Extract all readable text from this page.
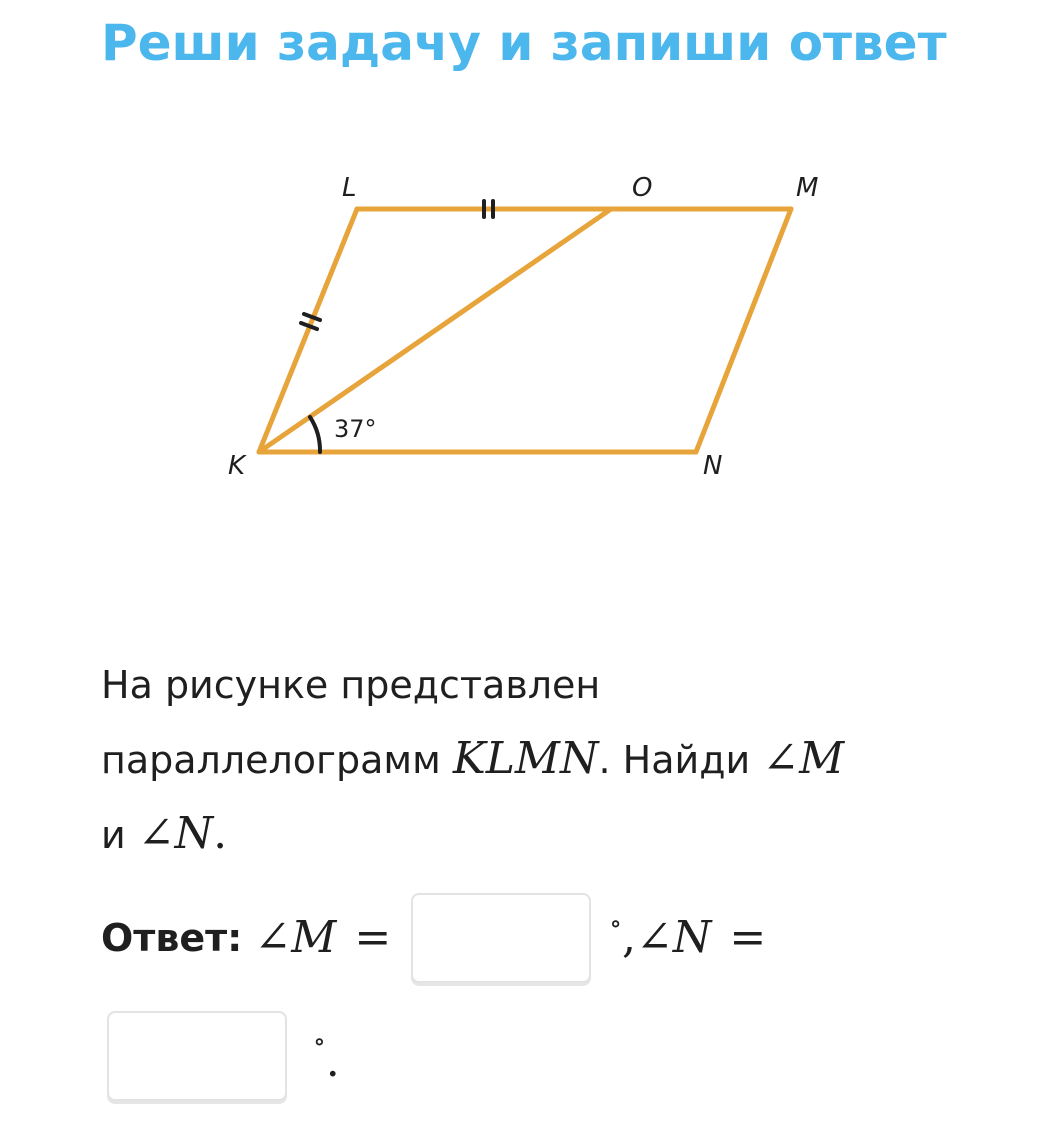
Реши задачу и запиши ответ
L	O	M
K	N
37°
На рисунке представлен
параллелограмм KLMN. Найди ∠M
и ∠N.
Ответ: ∠M =	∘ , ∠N =
∘ .
